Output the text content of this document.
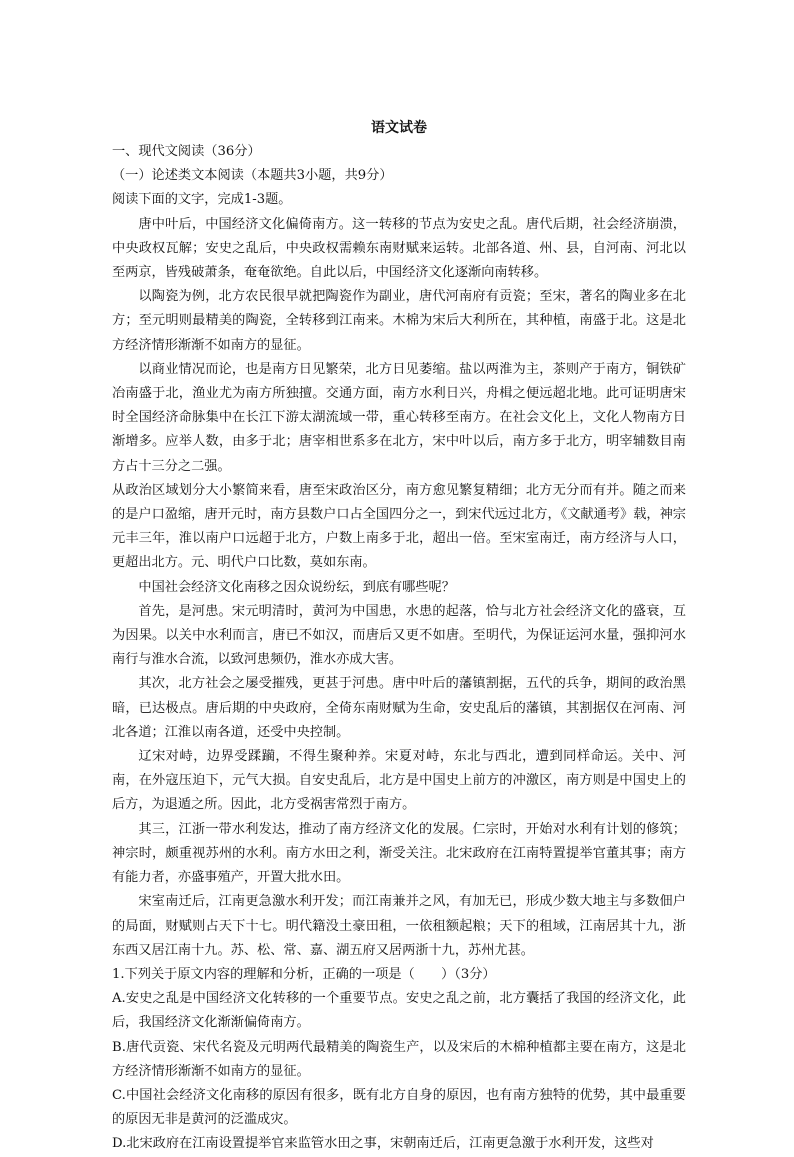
语文试卷

一、现代文阅读（36分）

（一）论述类文本阅读（本题共3小题，共9分）

阅读下面的文字，完成1-3题。

唐中叶后，中国经济文化偏倚南方。这一转移的节点为安史之乱。唐代后期，社会经济崩溃，中央政权瓦解；安史之乱后，中央政权需赖东南财赋来运转。北部各道、州、县，自河南、河北以至两京，皆残破萧条，奄奄欲绝。自此以后，中国经济文化逐渐向南转移。

以陶瓷为例，北方农民很早就把陶瓷作为副业，唐代河南府有贡瓷；至宋，著名的陶业多在北方；至元明则最精美的陶瓷，全转移到江南来。木棉为宋后大利所在，其种植，南盛于北。这是北方经济情形渐渐不如南方的显征。

以商业情况而论，也是南方日见繁荣，北方日见萎缩。盐以两淮为主，茶则产于南方，铜铁矿冶南盛于北，渔业尤为南方所独擅。交通方面，南方水利日兴，舟楫之便远超北地。此可证明唐宋时全国经济命脉集中在长江下游太湖流域一带，重心转移至南方。在社会文化上，文化人物南方日渐增多。应举人数，由多于北；唐宰相世系多在北方，宋中叶以后，南方多于北方，明宰辅数目南方占十三分之二强。

从政治区域划分大小繁简来看，唐至宋政治区分，南方愈见繁复精细；北方无分而有并。随之而来的是户口盈缩，唐开元时，南方县数户口占全国四分之一，到宋代远过北方，《文献通考》载，神宗元丰三年，淮以南户口远超于北方，户数上南多于北，超出一倍。至宋室南迁，南方经济与人口，更超出北方。元、明代户口比数，莫如东南。

中国社会经济文化南移之因众说纷纭，到底有哪些呢？

首先，是河患。宋元明清时，黄河为中国患，水患的起落，恰与北方社会经济文化的盛衰，互为因果。以关中水利而言，唐已不如汉，而唐后又更不如唐。至明代，为保证运河水量，强抑河水南行与淮水合流，以致河患频仍，淮水亦成大害。

其次，北方社会之屡受摧残，更甚于河患。唐中叶后的藩镇割据，五代的兵争，期间的政治黑暗，已达极点。唐后期的中央政府，全倚东南财赋为生命，安史乱后的藩镇，其割据仅在河南、河北各道；江淮以南各道，还受中央控制。

辽宋对峙，边界受蹂躏，不得生聚种养。宋夏对峙，东北与西北，遭到同样命运。关中、河南，在外寇压迫下，元气大损。自安史乱后，北方是中国史上前方的冲激区，南方则是中国史上的后方，为退遁之所。因此，北方受祸害常烈于南方。

其三，江浙一带水利发达，推动了南方经济文化的发展。仁宗时，开始对水利有计划的修筑；神宗时，颇重视苏州的水利。南方水田之利，渐受关注。北宋政府在江南特置提举官董其事；南方有能力者，亦盛事殖产，开置大批水田。

宋室南迁后，江南更急激水利开发；而江南兼并之风，有加无已，形成少数大地主与多数佃户的局面，财赋则占天下十七。明代籍没土豪田租，一依租额起粮；天下的租域，江南居其十九，浙东西又居江南十九。苏、松、常、嘉、湖五府又居两浙十九，苏州尤甚。

1.下列关于原文内容的理解和分析，正确的一项是（　　）（3分）

A.安史之乱是中国经济文化转移的一个重要节点。安史之乱之前，北方囊括了我国的经济文化，此后，我国经济文化渐渐偏倚南方。

B.唐代贡瓷、宋代名瓷及元明两代最精美的陶瓷生产，以及宋后的木棉种植都主要在南方，这是北方经济情形渐渐不如南方的显征。

C.中国社会经济文化南移的原因有很多，既有北方自身的原因，也有南方独特的优势，其中最重要的原因无非是黄河的泛滥成灾。

D.北宋政府在江南设置提举官来监管水田之事，宋朝南迁后，江南更急激于水利开发，这些对
